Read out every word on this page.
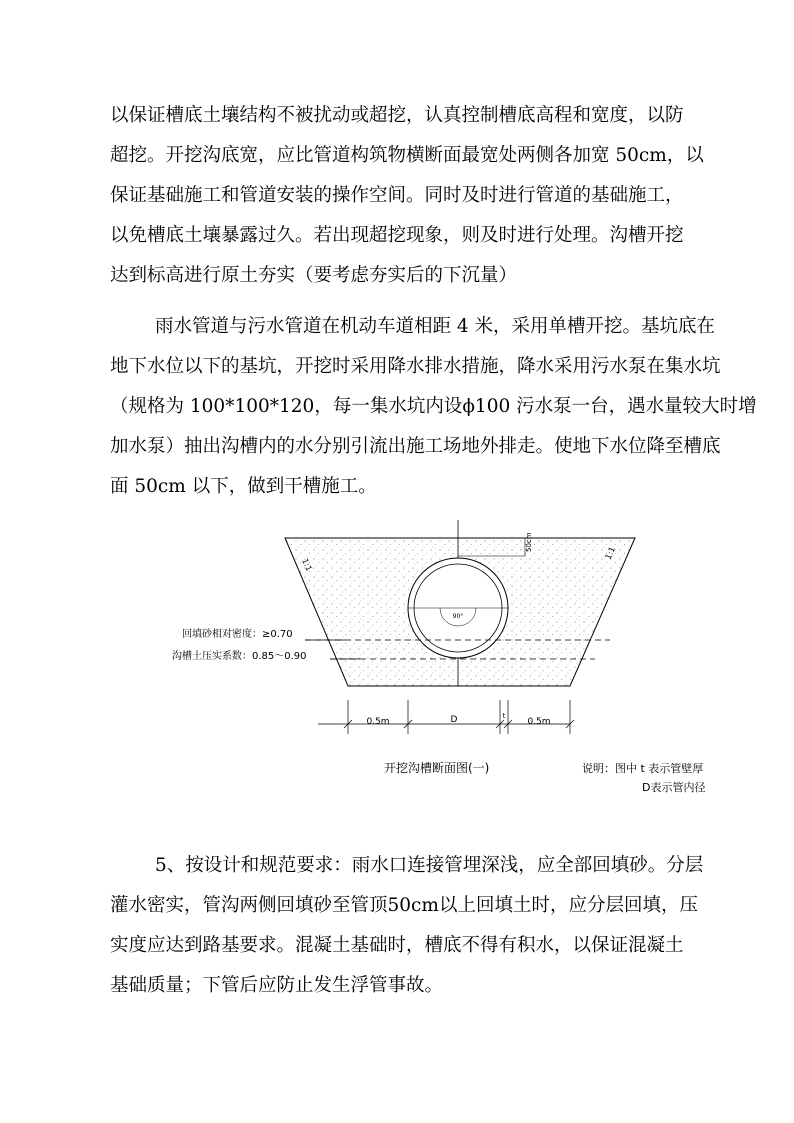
以保证槽底土壤结构不被扰动或超挖，认真控制槽底高程和宽度，以防
超挖。开挖沟底宽，应比管道构筑物横断面最宽处两侧各加宽 50cm，以
保证基础施工和管道安装的操作空间。同时及时进行管道的基础施工，
以免槽底土壤暴露过久。若出现超挖现象，则及时进行处理。沟槽开挖
达到标高进行原土夯实（要考虑夯实后的下沉量）
雨水管道与污水管道在机动车道相距 4 米，采用单槽开挖。基坑底在
地下水位以下的基坑，开挖时采用降水排水措施，降水采用污水泵在集水坑
（规格为 100*100*120，每一集水坑内设ϕ100 污水泵一台，遇水量较大时增
加水泵）抽出沟槽内的水分别引流出施工场地外排走。使地下水位降至槽底
面 50cm 以下，做到干槽施工。
50cm
90°
回填砂相对密度：≥0.70
沟槽土压实系数：0.85～0.90
1:1
1:1
0.5m	D	t
0.5m
开挖沟槽断面图(一)	说明：图中 t 表示管壁厚
D表示管内径
5、按设计和规范要求：雨水口连接管埋深浅，应全部回填砂。分层
灌水密实，管沟两侧回填砂至管顶50cm以上回填土时，应分层回填，压
实度应达到路基要求。混凝土基础时，槽底不得有积水，以保证混凝土
基础质量；下管后应防止发生浮管事故。
